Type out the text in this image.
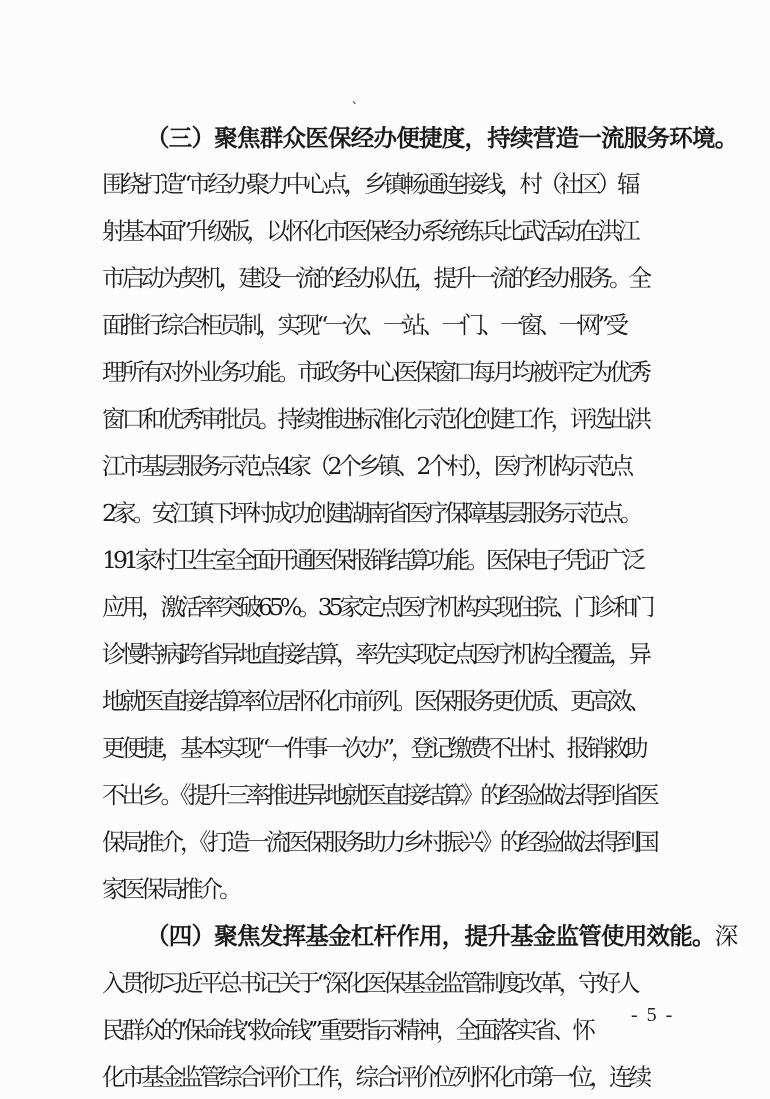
、
（三）聚焦群众医保经办便捷度，持续营造一流服务环境。
围绕打造“市经办聚力中心点，乡镇畅通连接线，村（社区）辐
射基本面”升级版，以怀化市医保经办系统练兵比武活动在洪江
市启动为契机，建设一流的经办队伍，提升一流的经办服务。全
面推行综合柜员制，实现“一次、一站、一门、一窗、一网”受
理所有对外业务功能。市政务中心医保窗口每月均被评定为优秀
窗口和优秀审批员。持续推进标准化示范化创建工作，评选出洪
江市基层服务示范点4家（2个乡镇、2个村），医疗机构示范点
2家。安江镇下坪村成功创建湖南省医疗保障基层服务示范点。
191家村卫生室全面开通医保报销结算功能。医保电子凭证广泛
应用，激活率突破65%。35家定点医疗机构实现住院、门诊和门
诊慢特病跨省异地直接结算，率先实现定点医疗机构全覆盖，异
地就医直接结算率位居怀化市前列。医保服务更优质、更高效、
更便捷，基本实现“一件事一次办”，登记缴费不出村、报销救助
不出乡。《提升三率推进异地就医直接结算》的经验做法得到省医
保局推介，《打造一流医保服务助力乡村振兴》的经验做法得到国
家医保局推介。
（四）聚焦发挥基金杠杆作用，提升基金监管使用效能。深
入贯彻习近平总书记关于“深化医保基金监管制度改革，守好人
民群众的‘保命钱’‘救命钱’”重要指示精神，全面落实省、怀
化市基金监管综合评价工作，综合评价位列怀化市第一位，连续
- 5 -
